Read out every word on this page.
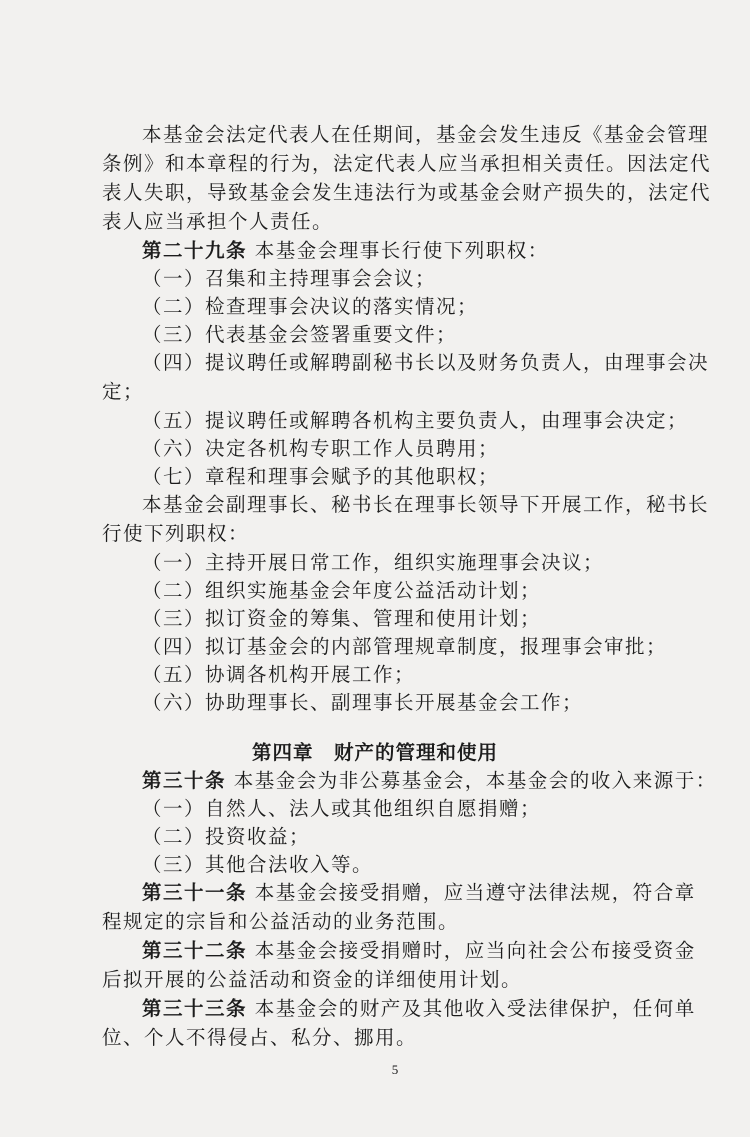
本基金会法定代表人在任期间，基金会发生违反《基金会管理
条例》和本章程的行为，法定代表人应当承担相关责任。因法定代
表人失职，导致基金会发生违法行为或基金会财产损失的，法定代
表人应当承担个人责任。
第二十九条 本基金会理事长行使下列职权：
（一）召集和主持理事会会议；
（二）检查理事会决议的落实情况；
（三）代表基金会签署重要文件；
（四）提议聘任或解聘副秘书长以及财务负责人，由理事会决
定；
（五）提议聘任或解聘各机构主要负责人，由理事会决定；
（六）决定各机构专职工作人员聘用；
（七）章程和理事会赋予的其他职权；
本基金会副理事长、秘书长在理事长领导下开展工作，秘书长
行使下列职权：
（一）主持开展日常工作，组织实施理事会决议；
（二）组织实施基金会年度公益活动计划；
（三）拟订资金的筹集、管理和使用计划；
（四）拟订基金会的内部管理规章制度，报理事会审批；
（五）协调各机构开展工作；
（六）协助理事长、副理事长开展基金会工作；
第四章　财产的管理和使用
第三十条 本基金会为非公募基金会，本基金会的收入来源于：
（一）自然人、法人或其他组织自愿捐赠；
（二）投资收益；
（三）其他合法收入等。
第三十一条 本基金会接受捐赠，应当遵守法律法规，符合章
程规定的宗旨和公益活动的业务范围。
第三十二条 本基金会接受捐赠时，应当向社会公布接受资金
后拟开展的公益活动和资金的详细使用计划。
第三十三条 本基金会的财产及其他收入受法律保护，任何单
位、个人不得侵占、私分、挪用。
5
